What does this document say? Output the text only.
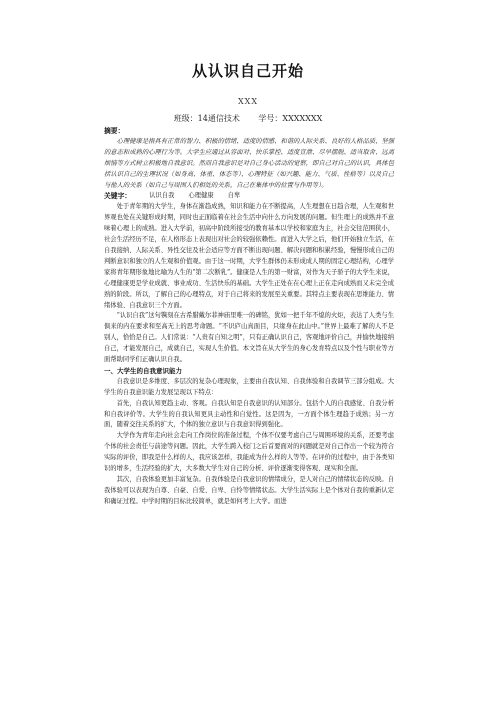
从认识自己开始
XXX
班级：14通信技术 学号：XXXXXXX
摘要：

心理健康是指具有正常的智力、积极的情绪、适度的情感、和谐的人际关系、良好的人格品质、坚强的意志和成熟的心理行为等。大学生应通过从容面对、快乐掌控、适度宣泄、尽早摆脱、适当取舍、远离烦恼等方式树立积极地自我意识。然而自我意识是对自己身心活动的觉察，即自己对自己的认识，具体包括认识自己的生理状况（如身高、体重、体态等）、心理特征（如兴趣、能力、气质、性格等）以及自己与他人的关系（如自己与周围人们相处的关系，自己在集体中的位置与作用等）。

关键字：	认识自我 心理健康 自卑

处于青年期的大学生，身体在渐趋成熟，知识和能力在不断提高，人生理想在日趋合理，人生观和世界观也处在关键形成时期，同时也正面临着在社会生活中向什么方向发展的问题。但生理上的成熟并不意味着心理上的成熟。进入大学前，初高中阶段所接受的教育基本以学校和家庭为主，社会交往范围狭小，社会生活经历不足，在人格形态上表现出对社会的较强依赖性。而进入大学之后，他们开始独立生活，在自我接纳、人际关系、异性交往及社会适应等方面不断出现问题、解决问题和积累经验，慢慢形成自己的判断意识和独立的人生观和价值观。由于这一时期，大学生群体仍未形成成人期的固定心理结构，心理学家将青年期形象地比喻为人生的“第二次断乳”。健康是人生的第一财富，对作为天子骄子的大学生来说，心理健康更是学业成就、事业成功、生活快乐的基础。大学生正处在在心理上正在走向成熟而又未完全成熟的阶段。所以，了解自己的心理特点，对于自己将来的发展至关重要。其特点主要表现在思维能力、情绪体验、自我意识三个方面。

“认识自我”这句镌刻在古希腊戴尔菲神庙里唯一的碑铭，犹如一把千年不熄的火炬，表达了人类与生俱来的内在要求和至高无上的思考命题。“不识庐山真面目，只缘身在此山中。”世界上最难了解的人不是别人，恰恰是自己。人们常说：“人贵有自知之明”，只有正确认识自己，客观地评价自己，并愉快地接纳自己，才能发展自己，成就自己，实现人生价值。本文旨在从大学生的身心发育特点以及个性与职业等方面帮助同学们正确认识自我。

一、大学生的自我意识能力

自我意识是多维度、多层次的复杂心理现象，主要由自我认知、自我体验和自我调节三部分组成。大学生的自我意识能力发展呈现以下特点：

首先，自我认知更趋主动、客观。自我认知是自我意识的认知部分。包括个人的自我感觉、自我分析和自我评价等。大学生的自我认知更具主动性和自觉性。这是因为，一方面个体生理趋于成熟；另一方面，随着交往关系的扩大，个体的独立意识与自我意识得到强化。

大学作为青年走向社会走向工作岗位的准备过程，个体不仅要考虑自己与周围环境的关系，还要考虑个体的社会责任与前途等问题。因此，大学生跨入校门之后首要面对的问题就是对自己作出一个较为符合实际的评价，即我是什么样的人，我应该怎样，我能成为什么样的人等等。在评价的过程中，由于各类知识的增多，生活经验的扩大，大多数大学生对自己的分析、评价逐渐变得客观、现实和全面。

其次，自我体验更加丰富复杂。自我体验是自我意识的情绪成分，是人对自己的情绪状态的反映。自我体验可以表现为自尊、自豪、自爱、自卑、自怜等情绪状态。大学生活实际上是个体对自我的重新认定和确证过程。中学时期的目标比较简单，就是如何考上大学。而进
